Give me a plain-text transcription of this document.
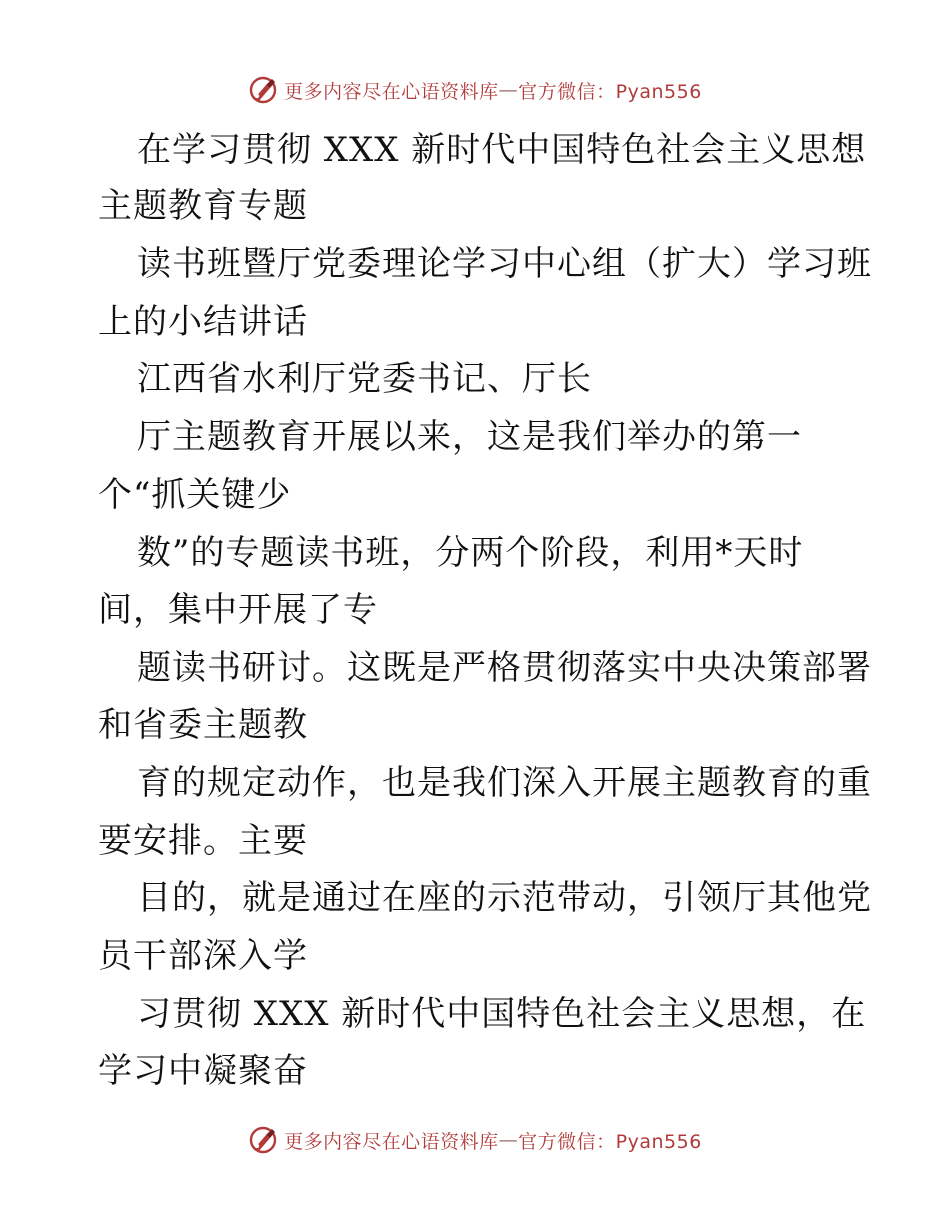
更多内容尽在心语资料库 — 官方微信：Pyan556
在学习贯彻 XXX 新时代中国特色社会主义思想
主题教育专题
读书班暨厅党委理论学习中心组（扩大）学习班
上的小结讲话
江西省水利厅党委书记、厅长
厅主题教育开展以来，这是我们举办的第一
个“抓关键少
数”的专题读书班，分两个阶段，利用*天时
间，集中开展了专
题读书研讨。这既是严格贯彻落实中央决策部署
和省委主题教
育的规定动作，也是我们深入开展主题教育的重
要安排。主要
目的，就是通过在座的示范带动，引领厅其他党
员干部深入学
习贯彻 XXX 新时代中国特色社会主义思想，在
学习中凝聚奋
更多内容尽在心语资料库 — 官方微信：Pyan556
